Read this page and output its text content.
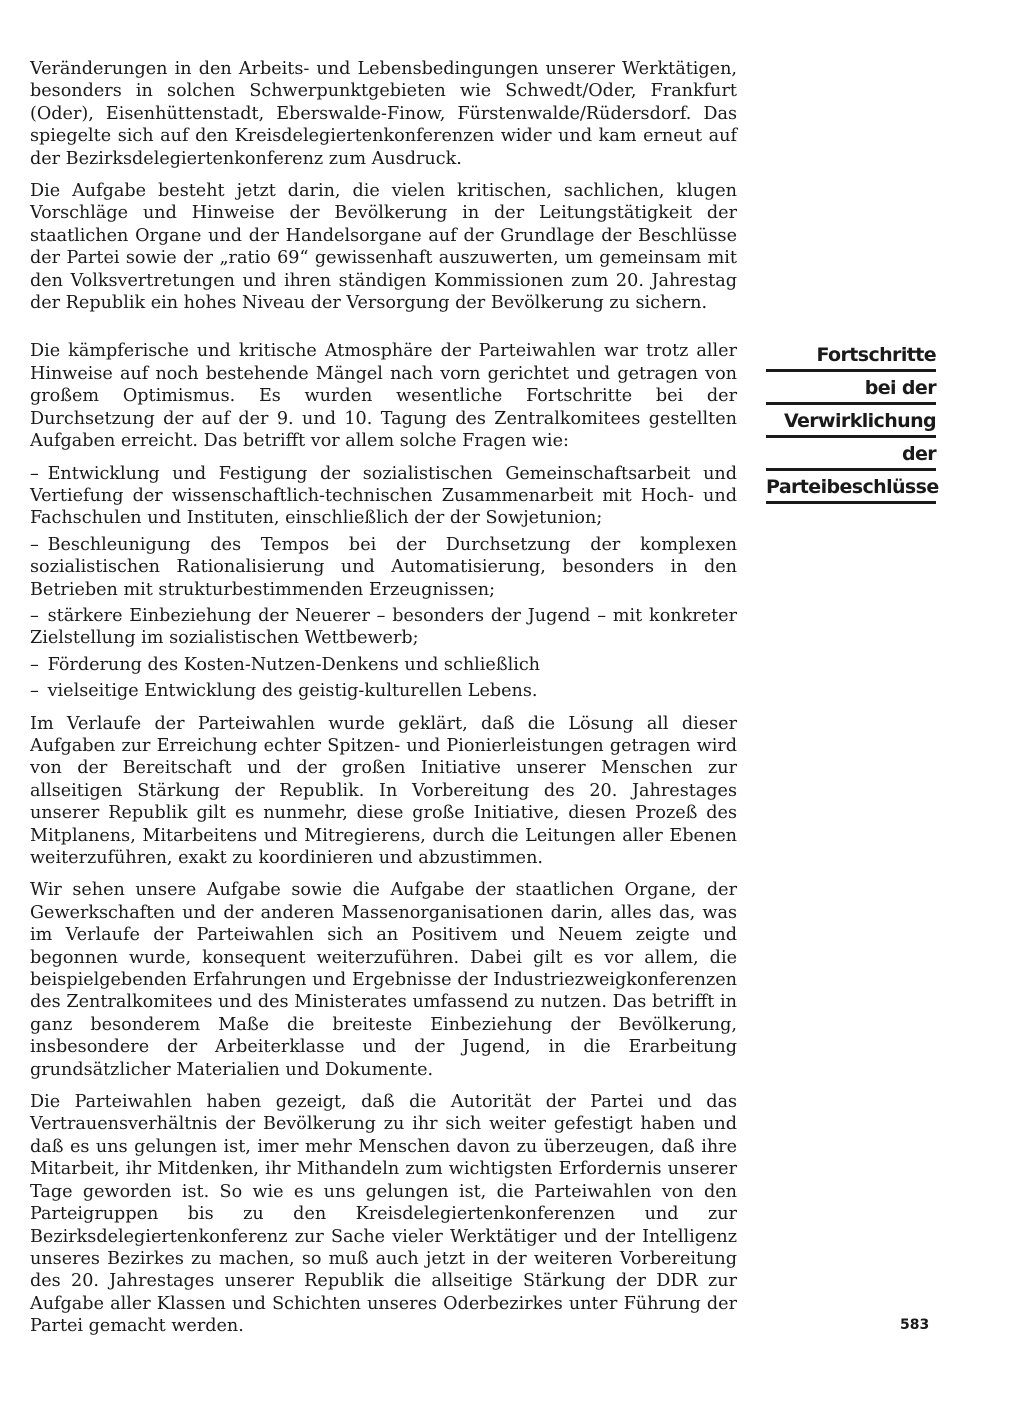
Veränderungen in den Arbeits- und Lebensbedingungen unserer Werktätigen, besonders in solchen Schwerpunktgebieten wie Schwedt/Oder, Frankfurt (Oder), Eisenhüttenstadt, Eberswalde-Finow, Fürstenwalde/Rüdersdorf. Das spiegelte sich auf den Kreisdelegiertenkonferenzen wider und kam erneut auf der Bezirksdelegiertenkonferenz zum Ausdruck.

Die Aufgabe besteht jetzt darin, die vielen kritischen, sachlichen, klugen Vorschläge und Hinweise der Bevölkerung in der Leitungstätigkeit der staatlichen Organe und der Handelsorgane auf der Grundlage der Beschlüsse der Partei sowie der „ratio 69“ gewissenhaft auszuwerten, um gemeinsam mit den Volksvertretungen und ihren ständigen Kommissionen zum 20. Jahrestag der Republik ein hohes Niveau der Versorgung der Bevölkerung zu sichern.

Die kämpferische und kritische Atmosphäre der Parteiwahlen war trotz aller Hinweise auf noch bestehende Mängel nach vorn gerichtet und getragen von großem Optimismus. Es wurden wesentliche Fortschritte bei der Durchsetzung der auf der 9. und 10. Tagung des Zentralkomitees gestellten Aufgaben erreicht. Das betrifft vor allem solche Fragen wie:

– Entwicklung und Festigung der sozialistischen Gemeinschaftsarbeit und Vertiefung der wissenschaftlich-technischen Zusammenarbeit mit Hoch- und Fachschulen und Instituten, einschließlich der der Sowjetunion;
– Beschleunigung des Tempos bei der Durchsetzung der komplexen sozialistischen Rationalisierung und Automatisierung, besonders in den Betrieben mit strukturbestimmenden Erzeugnissen;
– stärkere Einbeziehung der Neuerer – besonders der Jugend – mit konkreter Zielstellung im sozialistischen Wettbewerb;
– Förderung des Kosten-Nutzen-Denkens und schließlich
– vielseitige Entwicklung des geistig-kulturellen Lebens.

Im Verlaufe der Parteiwahlen wurde geklärt, daß die Lösung all dieser Aufgaben zur Erreichung echter Spitzen- und Pionierleistungen getragen wird von der Bereitschaft und der großen Initiative unserer Menschen zur allseitigen Stärkung der Republik. In Vorbereitung des 20. Jahrestages unserer Republik gilt es nunmehr, diese große Initiative, diesen Prozeß des Mitplanens, Mitarbeitens und Mitregierens, durch die Leitungen aller Ebenen weiterzuführen, exakt zu koordinieren und abzustimmen.

Wir sehen unsere Aufgabe sowie die Aufgabe der staatlichen Organe, der Gewerkschaften und der anderen Massenorganisationen darin, alles das, was im Verlaufe der Parteiwahlen sich an Positivem und Neuem zeigte und begonnen wurde, konsequent weiterzuführen. Dabei gilt es vor allem, die beispielgebenden Erfahrungen und Ergebnisse der Industriezweigkonferenzen des Zentralkomitees und des Ministerates umfassend zu nutzen. Das betrifft in ganz besonderem Maße die breiteste Einbeziehung der Bevölkerung, insbesondere der Arbeiterklasse und der Jugend, in die Erarbeitung grundsätzlicher Materialien und Dokumente.

Die Parteiwahlen haben gezeigt, daß die Autorität der Partei und das Vertrauensverhältnis der Bevölkerung zu ihr sich weiter gefestigt haben und daß es uns gelungen ist, imer mehr Menschen davon zu überzeugen, daß ihre Mitarbeit, ihr Mitdenken, ihr Mithandeln zum wichtigsten Erfordernis unserer Tage geworden ist. So wie es uns gelungen ist, die Parteiwahlen von den Parteigruppen bis zu den Kreisdelegiertenkonferenzen und zur Bezirksdelegiertenkonferenz zur Sache vieler Werktätiger und der Intelligenz unseres Bezirkes zu machen, so muß auch jetzt in der weiteren Vorbereitung des 20. Jahrestages unserer Republik die allseitige Stärkung der DDR zur Aufgabe aller Klassen und Schichten unseres Oderbezirkes unter Führung der Partei gemacht werden.

Fortschritte
bei der
Verwirklichung
der
Parteibeschlüsse
583
